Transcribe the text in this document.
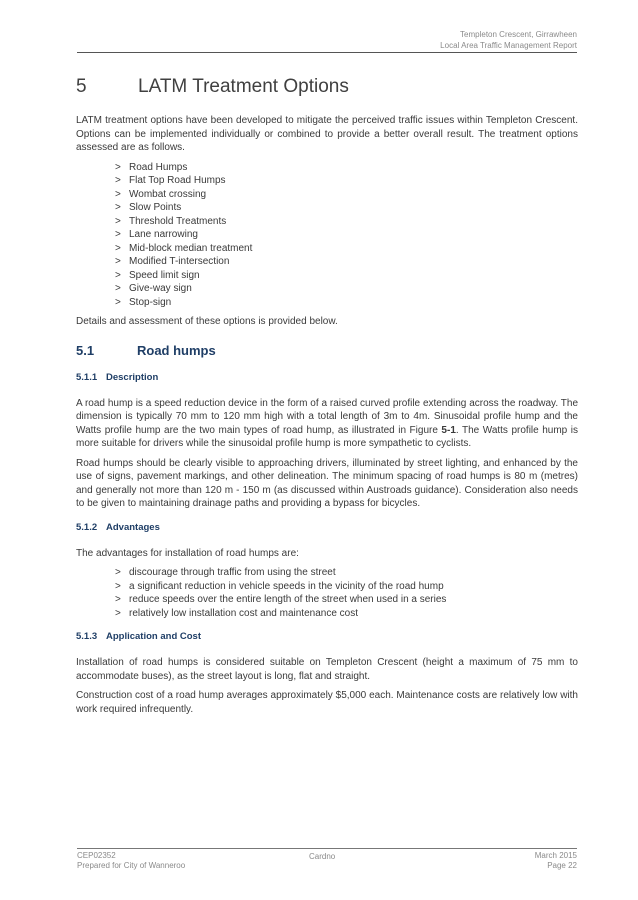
Templeton Crescent, Girrawheen
Local Area Traffic Management Report
5	LATM Treatment Options

LATM treatment options have been developed to mitigate the perceived traffic issues within Templeton Crescent. Options can be implemented individually or combined to provide a better overall result. The treatment options assessed are as follows.

> Road Humps
> Flat Top Road Humps
> Wombat crossing
> Slow Points
> Threshold Treatments
> Lane narrowing
> Mid-block median treatment
> Modified T-intersection
> Speed limit sign
> Give-way sign
> Stop-sign

Details and assessment of these options is provided below.

5.1	Road humps
5.1.1 Description

A road hump is a speed reduction device in the form of a raised curved profile extending across the roadway. The dimension is typically 70 mm to 120 mm high with a total length of 3m to 4m. Sinusoidal profile hump and the Watts profile hump are the two main types of road hump, as illustrated in Figure 5-1. The Watts profile hump is more suitable for drivers while the sinusoidal profile hump is more sympathetic to cyclists.

Road humps should be clearly visible to approaching drivers, illuminated by street lighting, and enhanced by the use of signs, pavement markings, and other delineation. The minimum spacing of road humps is 80 m (metres) and generally not more than 120 m - 150 m (as discussed within Austroads guidance). Consideration also needs to be given to maintaining drainage paths and providing a bypass for bicycles.

5.1.2 Advantages

The advantages for installation of road humps are:

> discourage through traffic from using the street
> a significant reduction in vehicle speeds in the vicinity of the road hump
> reduce speeds over the entire length of the street when used in a series
> relatively low installation cost and maintenance cost
5.1.3 Application and Cost

Installation of road humps is considered suitable on Templeton Crescent (height a maximum of 75 mm to accommodate buses), as the street layout is long, flat and straight.

Construction cost of a road hump averages approximately $5,000 each. Maintenance costs are relatively low with work required infrequently.

CEP02352	March 2015
Prepared for City of Wanneroo	Page 22
Cardno
